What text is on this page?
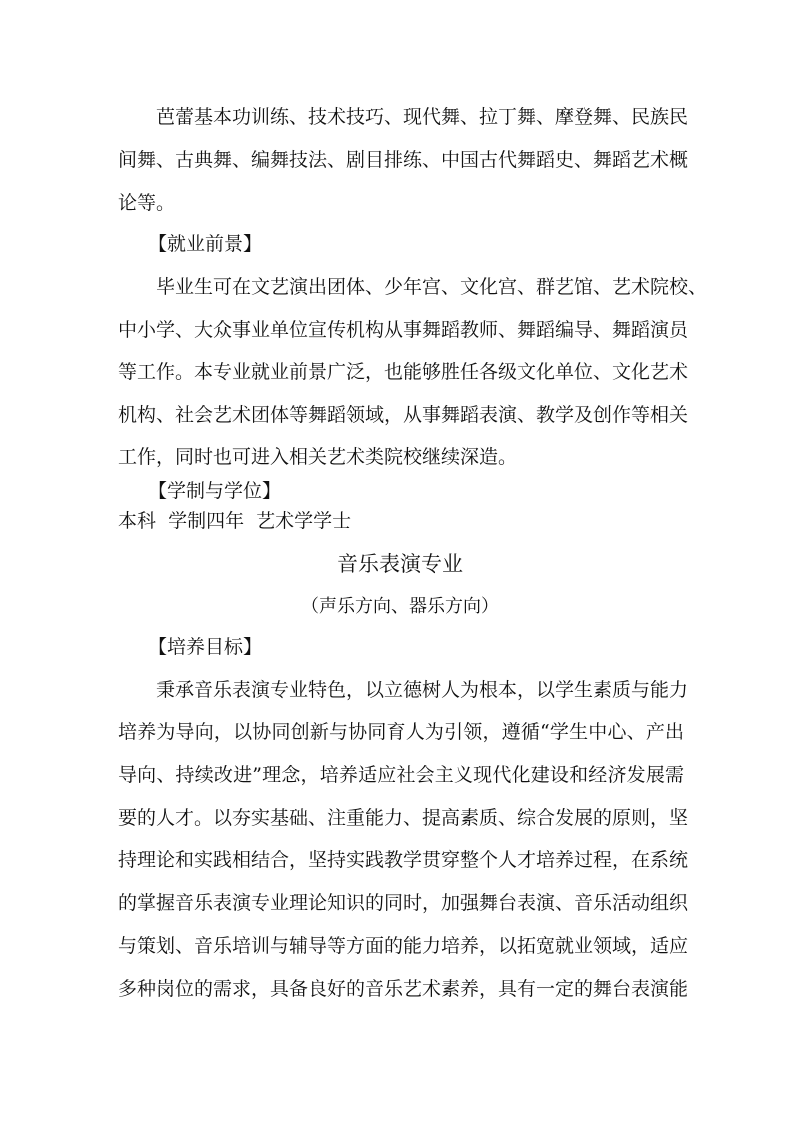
芭蕾基本功训练、技术技巧、现代舞、拉丁舞、摩登舞、民族民
间舞、古典舞、编舞技法、剧目排练、中国古代舞蹈史、舞蹈艺术概
论等。
【就业前景】
毕业生可在文艺演出团体、少年宫、文化宫、群艺馆、艺术院校、
中小学、大众事业单位宣传机构从事舞蹈教师、舞蹈编导、舞蹈演员
等工作。本专业就业前景广泛，也能够胜任各级文化单位、文化艺术
机构、社会艺术团体等舞蹈领域，从事舞蹈表演、教学及创作等相关
工作，同时也可进入相关艺术类院校继续深造。
【学制与学位】
本科  学制四年  艺术学学士
音乐表演专业
（声乐方向、器乐方向）
【培养目标】
秉承音乐表演专业特色，以立德树人为根本，以学生素质与能力
培养为导向，以协同创新与协同育人为引领，遵循“学生中心、产出
导向、持续改进”理念，培养适应社会主义现代化建设和经济发展需
要的人才。以夯实基础、注重能力、提高素质、综合发展的原则，坚
持理论和实践相结合，坚持实践教学贯穿整个人才培养过程，在系统
的掌握音乐表演专业理论知识的同时，加强舞台表演、音乐活动组织
与策划、音乐培训与辅导等方面的能力培养，以拓宽就业领域，适应
多种岗位的需求，具备良好的音乐艺术素养，具有一定的舞台表演能
